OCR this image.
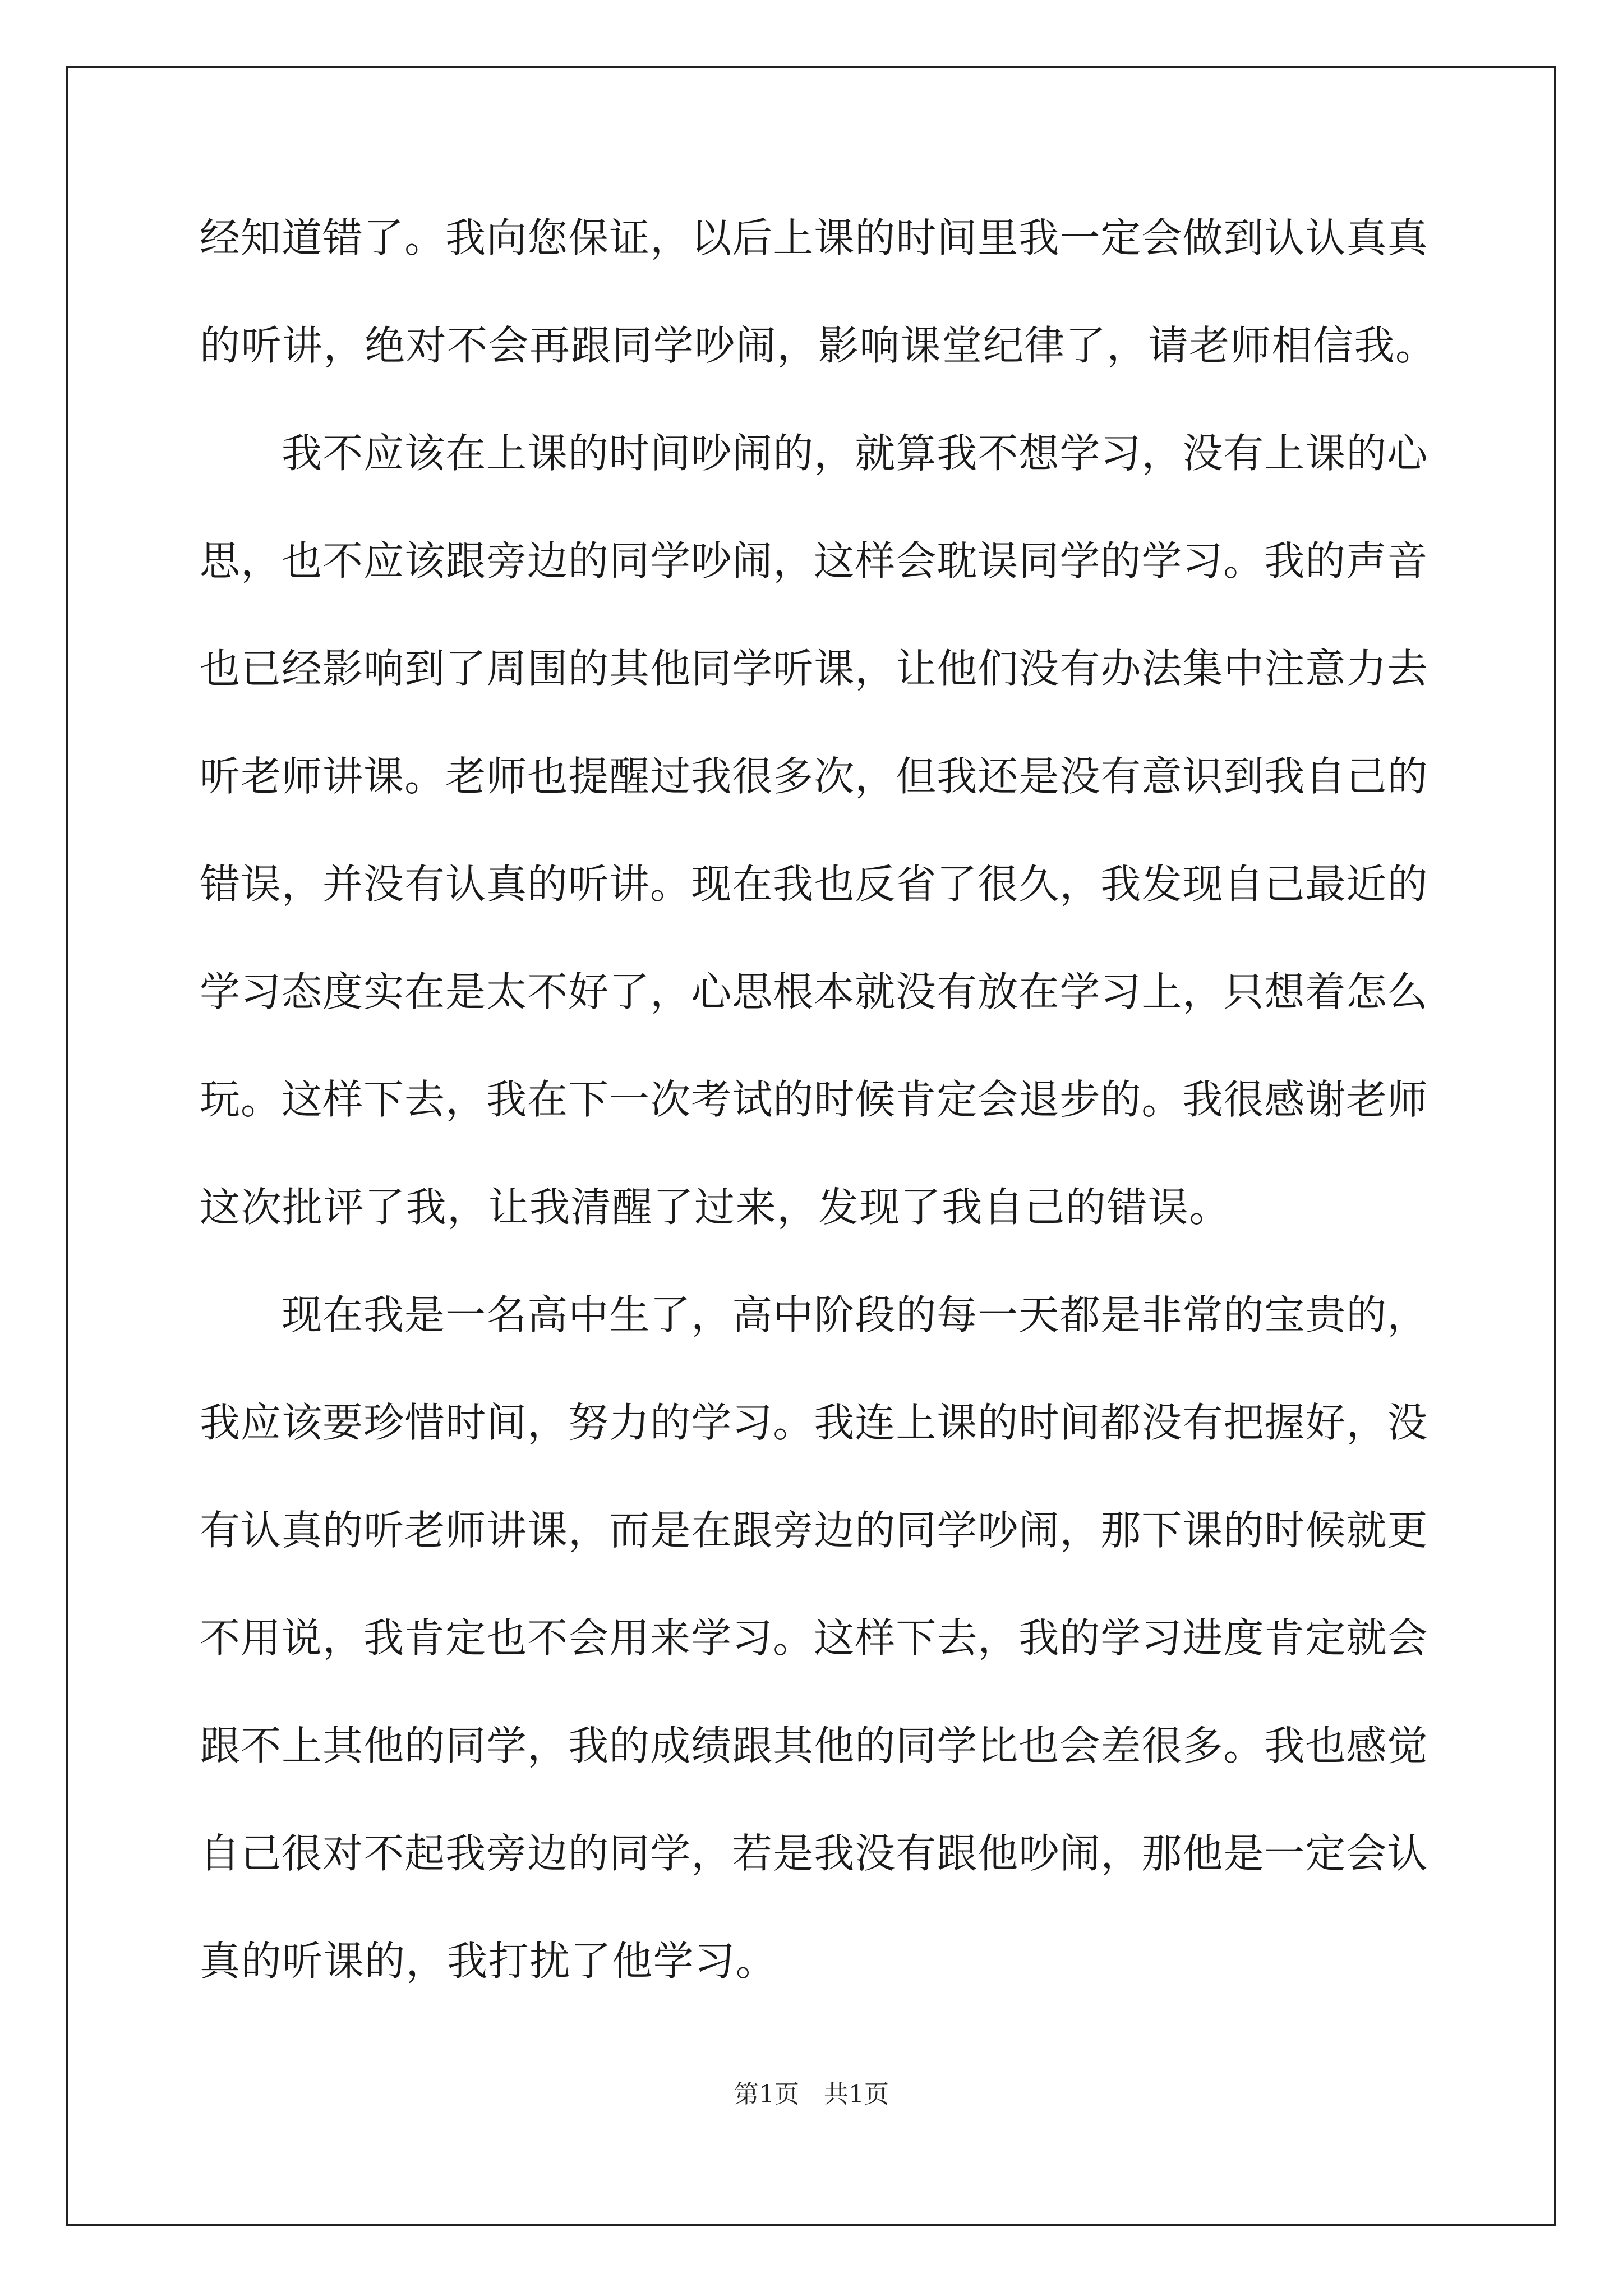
经 知 道 错 了 。 我 向 您 保 证 ， 以 后 上 课 的 时 间 里 我 一 定 会 做 到 认 认 真 真
的 听 讲 ， 绝 对 不 会 再 跟 同 学 吵 闹 ， 影 响 课 堂 纪 律 了 ， 请 老 师 相 信 我 。
我 不 应 该 在 上 课 的 时 间 吵 闹 的 ， 就 算 我 不 想 学 习 ， 没 有 上 课 的 心
思 ， 也 不 应 该 跟 旁 边 的 同 学 吵 闹 ， 这 样 会 耽 误 同 学 的 学 习 。 我 的 声 音
也 已 经 影 响 到 了 周 围 的 其 他 同 学 听 课 ， 让 他 们 没 有 办 法 集 中 注 意 力 去
听 老 师 讲 课 。 老 师 也 提 醒 过 我 很 多 次 ， 但 我 还 是 没 有 意 识 到 我 自 己 的
错 误 ， 并 没 有 认 真 的 听 讲 。 现 在 我 也 反 省 了 很 久 ， 我 发 现 自 己 最 近 的
学 习 态 度 实 在 是 太 不 好 了 ， 心 思 根 本 就 没 有 放 在 学 习 上 ， 只 想 着 怎 么
玩 。 这 样 下 去 ， 我 在 下 一 次 考 试 的 时 候 肯 定 会 退 步 的 。 我 很 感 谢 老 师
这 次 批 评 了 我 ， 让 我 清 醒 了 过 来 ， 发 现 了 我 自 己 的 错 误 。
现 在 我 是 一 名 高 中 生 了 ， 高 中 阶 段 的 每 一 天 都 是 非 常 的 宝 贵 的 ，
我 应 该 要 珍 惜 时 间 ， 努 力 的 学 习 。 我 连 上 课 的 时 间 都 没 有 把 握 好 ， 没
有 认 真 的 听 老 师 讲 课 ， 而 是 在 跟 旁 边 的 同 学 吵 闹 ， 那 下 课 的 时 候 就 更
不 用 说 ， 我 肯 定 也 不 会 用 来 学 习 。 这 样 下 去 ， 我 的 学 习 进 度 肯 定 就 会
跟 不 上 其 他 的 同 学 ， 我 的 成 绩 跟 其 他 的 同 学 比 也 会 差 很 多 。 我 也 感 觉
自 己 很 对 不 起 我 旁 边 的 同 学 ， 若 是 我 没 有 跟 他 吵 闹 ， 那 他 是 一 定 会 认
真 的 听 课 的 ， 我 打 扰 了 他 学 习 。
第1页 共1页
